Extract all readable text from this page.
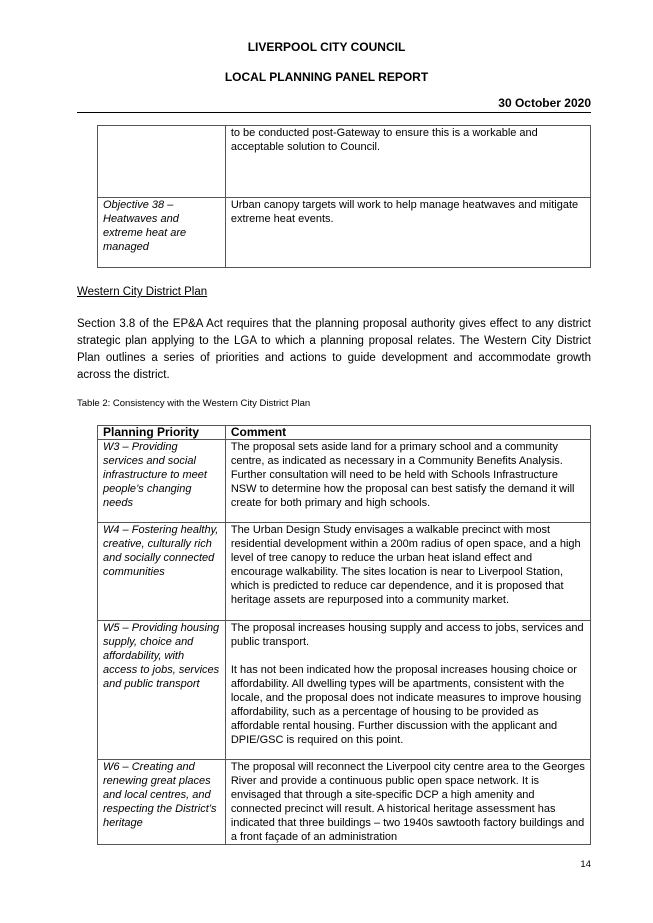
LIVERPOOL CITY COUNCIL
LOCAL PLANNING PANEL REPORT
30 October 2020
	to be conducted post-Gateway to ensure this is a workable and acceptable solution to Council.
Objective 38 – Heatwaves and extreme heat are managed	Urban canopy targets will work to help manage heatwaves and mitigate extreme heat events.
Western City District Plan
Section 3.8 of the EP&A Act requires that the planning proposal authority gives effect to any district strategic plan applying to the LGA to which a planning proposal relates. The Western City District Plan outlines a series of priorities and actions to guide development and accommodate growth across the district.
Table 2: Consistency with the Western City District Plan
Planning Priority	Comment
W3 – Providing services and social infrastructure to meet people’s changing needs	The proposal sets aside land for a primary school and a community centre, as indicated as necessary in a Community Benefits Analysis. Further consultation will need to be held with Schools Infrastructure NSW to determine how the proposal can best satisfy the demand it will create for both primary and high schools.
W4 – Fostering healthy, creative, culturally rich and socially connected communities	The Urban Design Study envisages a walkable precinct with most residential development within a 200m radius of open space, and a high level of tree canopy to reduce the urban heat island effect and encourage walkability. The sites location is near to Liverpool Station, which is predicted to reduce car dependence, and it is proposed that heritage assets are repurposed into a community market.
W5 – Providing housing supply, choice and affordability, with access to jobs, services and public transport	The proposal increases housing supply and access to jobs, services and public transport.
It has not been indicated how the proposal increases housing choice or affordability. All dwelling types will be apartments, consistent with the locale, and the proposal does not indicate measures to improve housing affordability, such as a percentage of housing to be provided as affordable rental housing. Further discussion with the applicant and DPIE/GSC is required on this point.
W6 – Creating and renewing great places and local centres, and respecting the District’s heritage	The proposal will reconnect the Liverpool city centre area to the Georges River and provide a continuous public open space network. It is envisaged that through a site-specific DCP a high amenity and connected precinct will result. A historical heritage assessment has indicated that three buildings – two 1940s sawtooth factory buildings and a front façade of an administration
14
